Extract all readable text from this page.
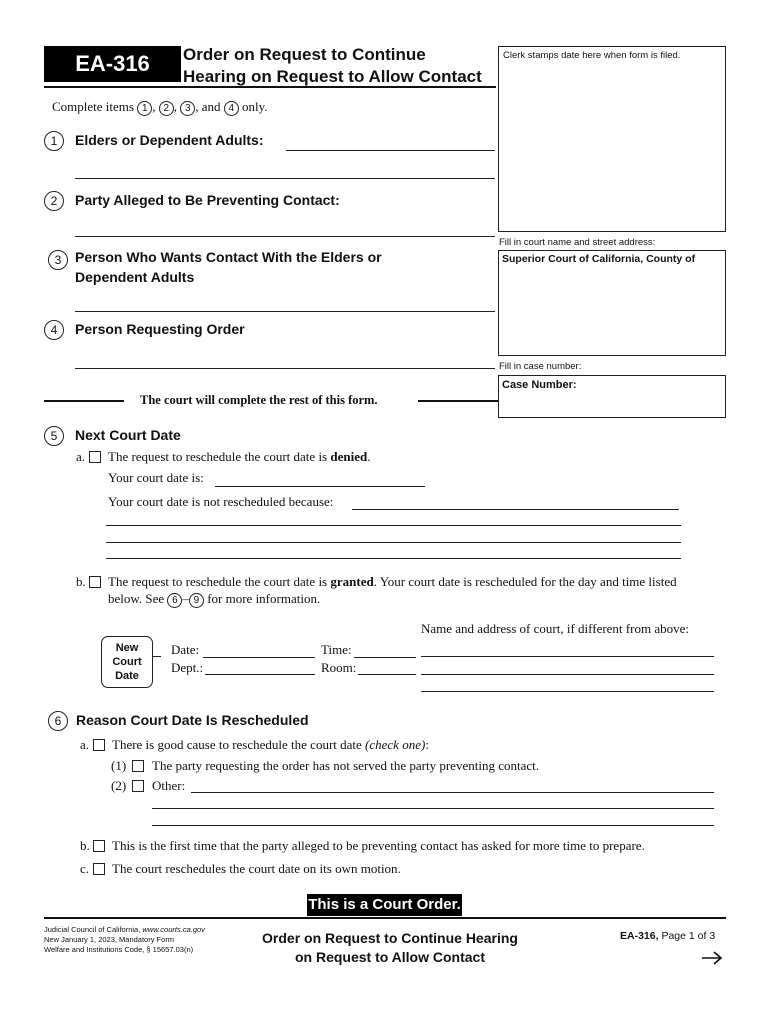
EA-316	Order on Request to Continue
Hearing on Request to Allow Contact
Clerk stamps date here when form is filed.
Fill in court name and street address:
Superior Court of California, County of
Fill in case number:
Case Number:
Complete items 1 , 2 , 3 , and 4 only.
1	Elders or Dependent Adults:
2	Party Alleged to Be Preventing Contact:
3 Person Who Wants Contact With the Elders or
Dependent Adults
4	Person Requesting Order
The court will complete the rest of this form.
5	Next Court Date
a. The request to reschedule the court date is denied.
Your court date is:
Your court date is not rescheduled because:
b. The request to reschedule the court date is granted. Your court date is rescheduled for the day and time listed
below. See 6 – 9 for more information.
Name and address of court, if different from above:
New
Court
Date
Date:	Time:
Dept.:	Room:
6	Reason Court Date Is Rescheduled
a. There is good cause to reschedule the court date (check one):
(1) The party requesting the order has not served the party preventing contact.
(2) Other:
b. This is the first time that the party alleged to be preventing contact has asked for more time to prepare.
c. The court reschedules the court date on its own motion.
This is a Court Order.
Judicial Council of California, www.courts.ca.gov
New January 1, 2023, Mandatory Form
Welfare and Institutions Code, § 15657.03(n)
Order on Request to Continue Hearing
on Request to Allow Contact
EA-316, Page 1 of 3
